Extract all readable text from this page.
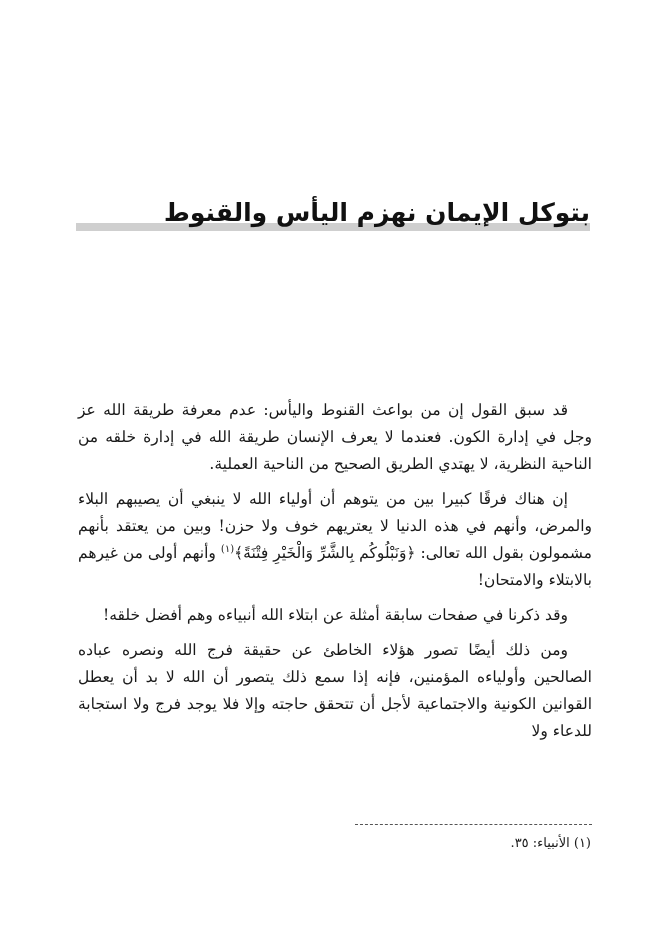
بتوكل الإيمان نهزم اليأس والقنوط

قد سبق القول إن من بواعث القنوط واليأس: عدم معرفة طريقة الله عز وجل في إدارة الكون. فعندما لا يعرف الإنسان طريقة الله في إدارة خلقه من الناحية النظرية، لا يهتدي الطريق الصحيح من الناحية العملية.

إن هناك فرقًا كبيرا بين من يتوهم أن أولياء الله لا ينبغي أن يصيبهم البلاء والمرض، وأنهم في هذه الدنيا لا يعتريهم خوف ولا حزن! وبين من يعتقد بأنهم مشمولون بقول الله تعالى: ﴿وَنَبْلُوكُم بِالشَّرِّ وَالْخَيْرِ فِتْنَةً﴾$^{(١)}$ وأنهم أولى من غيرهم بالابتلاء والامتحان!

وقد ذكرنا في صفحات سابقة أمثلة عن ابتلاء الله أنبياءه وهم أفضل خلقه!

ومن ذلك أيضًا تصور هؤلاء الخاطئ عن حقيقة فرج الله ونصره عباده الصالحين وأولياءه المؤمنين، فإنه إذا سمع ذلك يتصور أن الله لا بد أن يعطل القوانين الكونية والاجتماعية لأجل أن تتحقق حاجته وإلا فلا يوجد فرج ولا استجابة للدعاء ولا

(١) الأنبياء: ٣٥.
